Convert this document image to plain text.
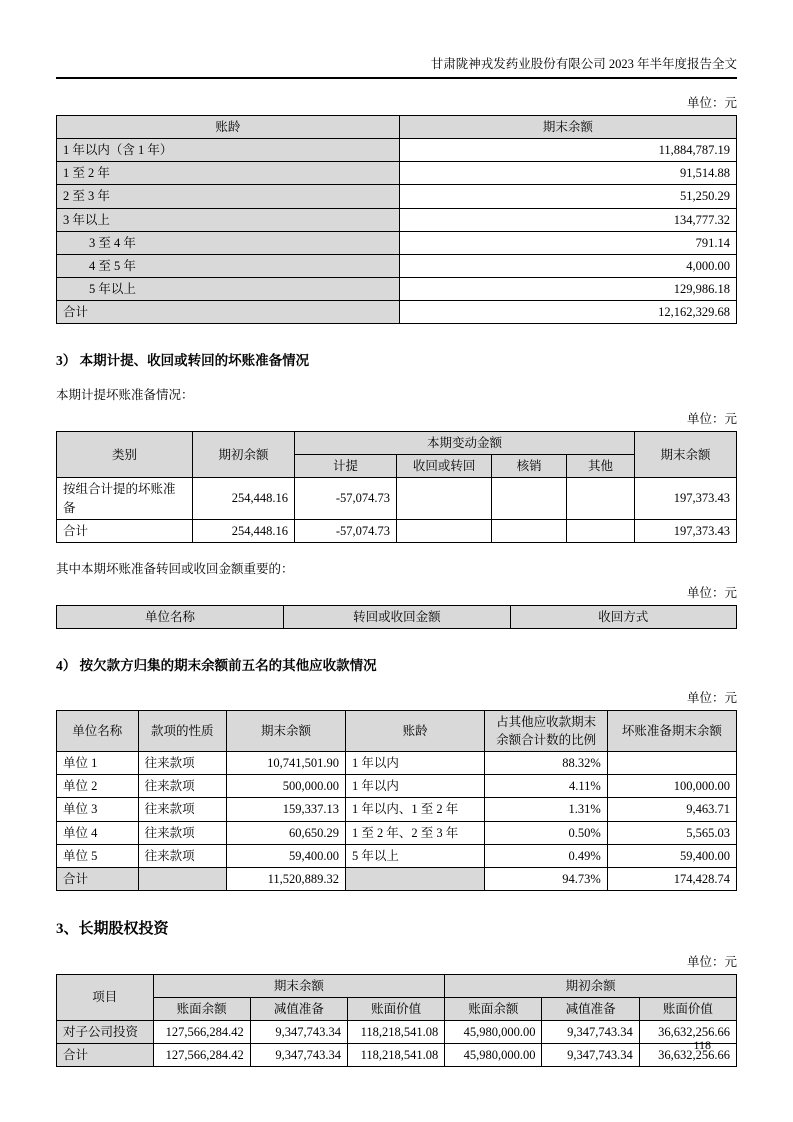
甘肃陇神戎发药业股份有限公司 2023 年半年度报告全文
单位：元
账龄	期末余额
1 年以内（含 1 年）	11,884,787.19
1 至 2 年	91,514.88
2 至 3 年	51,250.29
3 年以上	134,777.32
3 至 4 年	791.14
4 至 5 年	4,000.00
5 年以上	129,986.18
合计	12,162,329.68
3） 本期计提、收回或转回的坏账准备情况
本期计提坏账准备情况：
单位：元
类别	期初余额	本期变动金额				期末余额
		计提	收回或转回	核销	其他	
按组合计提的坏账准备	254,448.16	-57,074.73				197,373.43
合计	254,448.16	-57,074.73				197,373.43
其中本期坏账准备转回或收回金额重要的：
单位：元
单位名称	转回或收回金额	收回方式
4） 按欠款方归集的期末余额前五名的其他应收款情况
单位：元
单位名称	款项的性质	期末余额	账龄	占其他应收款期末余额合计数的比例	坏账准备期末余额
单位 1	往来款项	10,741,501.90	1 年以内	88.32%	
单位 2	往来款项	500,000.00	1 年以内	4.11%	100,000.00
单位 3	往来款项	159,337.13	1 年以内、1 至 2 年	1.31%	9,463.71
单位 4	往来款项	60,650.29	1 至 2 年、2 至 3 年	0.50%	5,565.03
单位 5	往来款项	59,400.00	5 年以上	0.49%	59,400.00
合计		11,520,889.32		94.73%	174,428.74
3、长期股权投资
单位：元
项目	期末余额			期初余额		
	账面余额	减值准备	账面价值	账面余额	减值准备	账面价值
对子公司投资	127,566,284.42	9,347,743.34	118,218,541.08	45,980,000.00	9,347,743.34	36,632,256.66
合计	127,566,284.42	9,347,743.34	118,218,541.08	45,980,000.00	9,347,743.34	36,632,256.66
118
